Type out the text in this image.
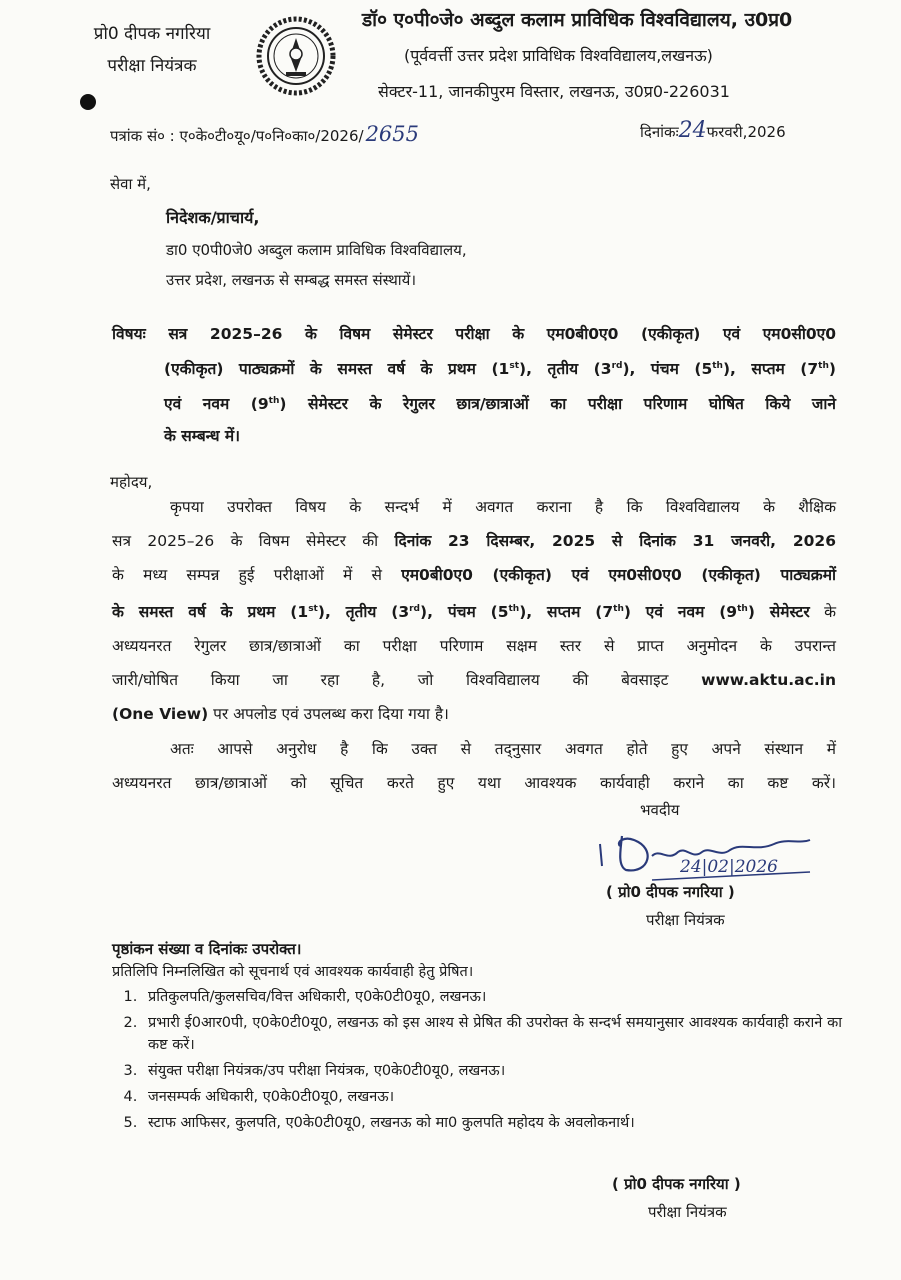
प्रो0 दीपक नगरिया
परीक्षा नियंत्रक
डॉ० ए०पी०जे० अब्दुल कलाम प्राविधिक विश्वविद्यालय, उ0प्र0
(पूर्ववर्त्ती उत्तर प्रदेश प्राविधिक विश्वविद्यालय,लखनऊ)
सेक्टर-11, जानकीपुरम विस्तार, लखनऊ, उ0प्र0-226031
पत्रांक सं० : ए०के०टी०यू०/प०नि०का०/2026/2655	दिनांकः24फरवरी,2026
सेवा में,
निदेशक/प्राचार्य,
डा0 ए0पी0जे0 अब्दुल कलाम प्राविधिक विश्वविद्यालय,
उत्तर प्रदेश, लखनऊ से सम्बद्ध समस्त संस्थायें।
विषयः सत्र 2025–26 के विषम सेमेस्टर परीक्षा के एम0बी0ए0 (एकीकृत) एवं एम0सी0ए0
(एकीकृत) पाठ्यक्रमों के समस्त वर्ष के प्रथम (1st), तृतीय (3rd), पंचम (5th), सप्तम (7th)
एवं नवम (9th) सेमेस्टर के रेगुलर छात्र/छात्राओं का परीक्षा परिणाम घोषित किये जाने
के सम्बन्ध में।
महोदय,
कृपया उपरोक्त विषय के सन्दर्भ में अवगत कराना है कि विश्वविद्यालय के शैक्षिक
सत्र 2025–26 के विषम सेमेस्टर की दिनांक 23 दिसम्बर, 2025 से दिनांक 31 जनवरी, 2026
के मध्य सम्पन्न हुई परीक्षाओं में से एम0बी0ए0 (एकीकृत) एवं एम0सी0ए0 (एकीकृत) पाठ्यक्रमों
के समस्त वर्ष के प्रथम (1st), तृतीय (3rd), पंचम (5th), सप्तम (7th) एवं नवम (9th) सेमेस्टर के
अध्ययनरत रेगुलर छात्र/छात्राओं का परीक्षा परिणाम सक्षम स्तर से प्राप्त अनुमोदन के उपरान्त
जारी/घोषित किया जा रहा है, जो विश्वविद्यालय की बेवसाइट www.aktu.ac.in
(One View) पर अपलोड एवं उपलब्ध करा दिया गया है।
अतः आपसे अनुरोध है कि उक्त से तद्नुसार अवगत होते हुए अपने संस्थान में
अध्ययनरत छात्र/छात्राओं को सूचित करते हुए यथा आवश्यक कार्यवाही कराने का कष्ट करें।
भवदीय
24|02|2026
( प्रो0 दीपक नगरिया )
परीक्षा नियंत्रक
पृष्ठांकन संख्या व दिनांकः उपरोक्त।
प्रतिलिपि निम्नलिखित को सूचनार्थ एवं आवश्यक कार्यवाही हेतु प्रेषित।
1. प्रतिकुलपति/कुलसचिव/वित्त अधिकारी, ए0के0टी0यू0, लखनऊ।
2. प्रभारी ई0आर0पी, ए0के0टी0यू0, लखनऊ को इस आश्य से प्रेषित की उपरोक्त के सन्दर्भ समयानुसार आवश्यक कार्यवाही कराने का कष्ट करें।
3. संयुक्त परीक्षा नियंत्रक/उप परीक्षा नियंत्रक, ए0के0टी0यू0, लखनऊ।
4. जनसम्पर्क अधिकारी, ए0के0टी0यू0, लखनऊ।
5. स्टाफ आफिसर, कुलपति, ए0के0टी0यू0, लखनऊ को मा0 कुलपति महोदय के अवलोकनार्थ।
( प्रो0 दीपक नगरिया )
परीक्षा नियंत्रक
